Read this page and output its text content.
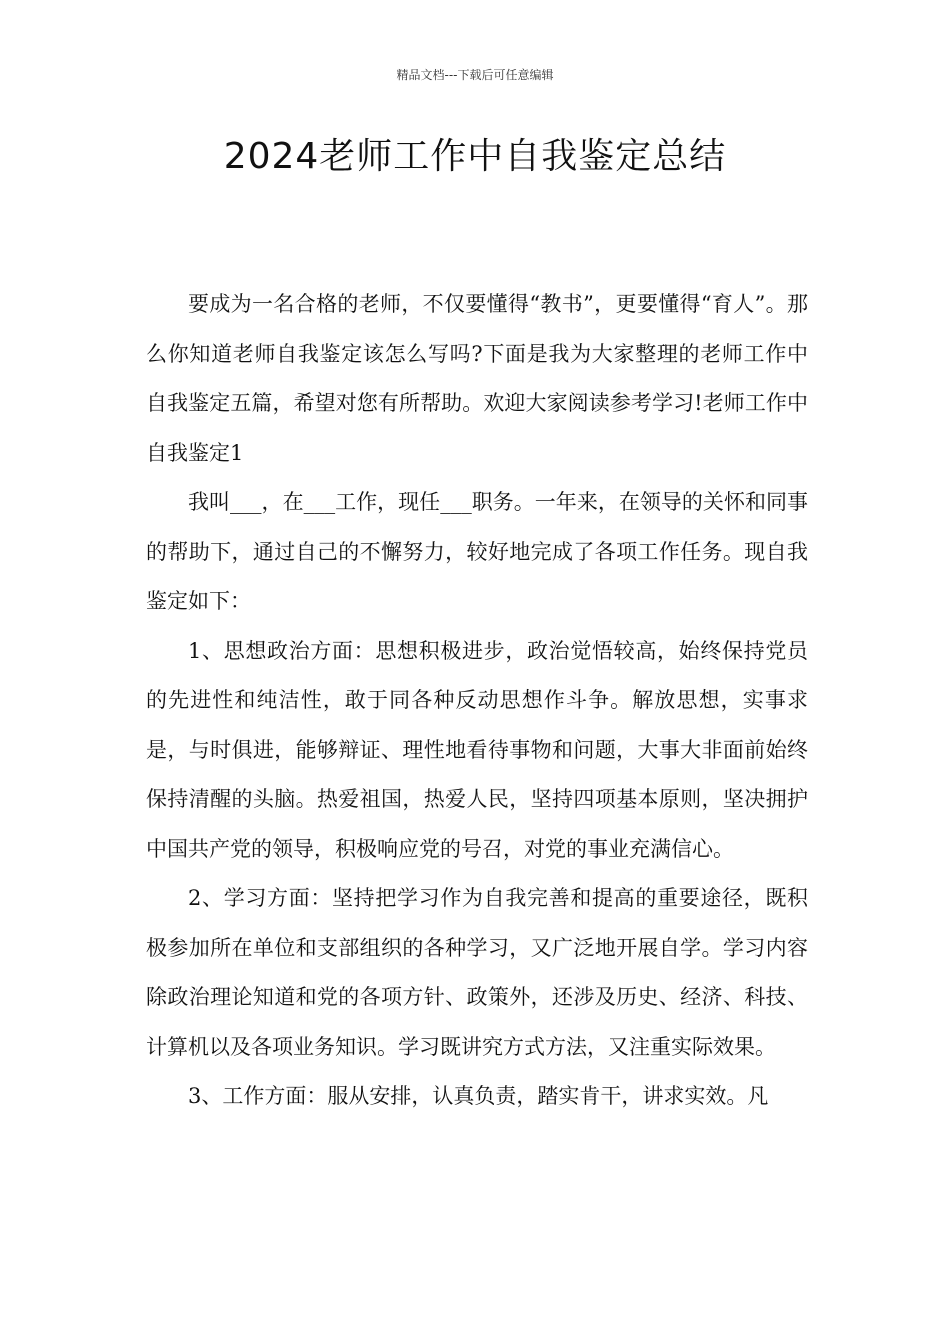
精品文档---下载后可任意编辑
2024老师工作中自我鉴定总结

要成为一名合格的老师，不仅要懂得“教书”，更要懂得“育人”。那么你知道老师自我鉴定该怎么写吗?下面是我为大家整理的老师工作中自我鉴定五篇，希望对您有所帮助。欢迎大家阅读参考学习!老师工作中自我鉴定1

我叫___，在___工作，现任___职务。一年来，在领导的关怀和同事的帮助下，通过自己的不懈努力，较好地完成了各项工作任务。现自我鉴定如下：

1、思想政治方面：思想积极进步，政治觉悟较高，始终保持党员的先进性和纯洁性，敢于同各种反动思想作斗争。解放思想，实事求是，与时俱进，能够辩证、理性地看待事物和问题，大事大非面前始终保持清醒的头脑。热爱祖国，热爱人民，坚持四项基本原则，坚决拥护中国共产党的领导，积极响应党的号召，对党的事业充满信心。

2、学习方面：坚持把学习作为自我完善和提高的重要途径，既积极参加所在单位和支部组织的各种学习，又广泛地开展自学。学习内容除政治理论知道和党的各项方针、政策外，还涉及历史、经济、科技、计算机以及各项业务知识。学习既讲究方式方法，又注重实际效果。

3、工作方面：服从安排，认真负责，踏实肯干，讲求实效。凡
